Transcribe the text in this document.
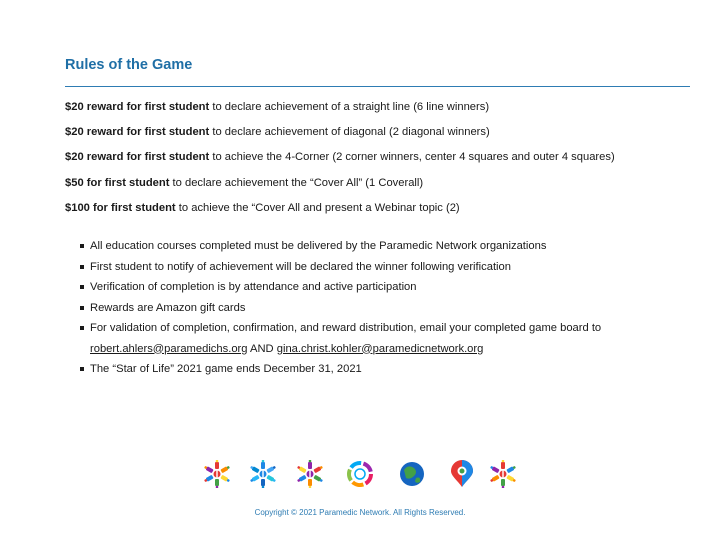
Rules of the Game
$20 reward for first student to declare achievement of a straight line (6 line winners)
$20 reward for first student to declare achievement of diagonal (2 diagonal winners)
$20 reward for first student to achieve the 4-Corner (2 corner winners, center 4 squares and outer 4 squares)
$50 for first student to declare achievement the “Cover All” (1 Coverall)
$100 for first student to achieve the “Cover All and present a Webinar topic (2)
All education courses completed must be delivered by the Paramedic Network organizations
First student to notify of achievement will be declared the winner following verification
Verification of completion is by attendance and active participation
Rewards are Amazon gift cards
For validation of completion, confirmation, and reward distribution, email your completed game board to
robert.ahlers@paramedichs.org AND gina.christ.kohler@paramedicnetwork.org
The “Star of Life” 2021 game ends December 31, 2021
Copyright © 2021 Paramedic Network. All Rights Reserved.
